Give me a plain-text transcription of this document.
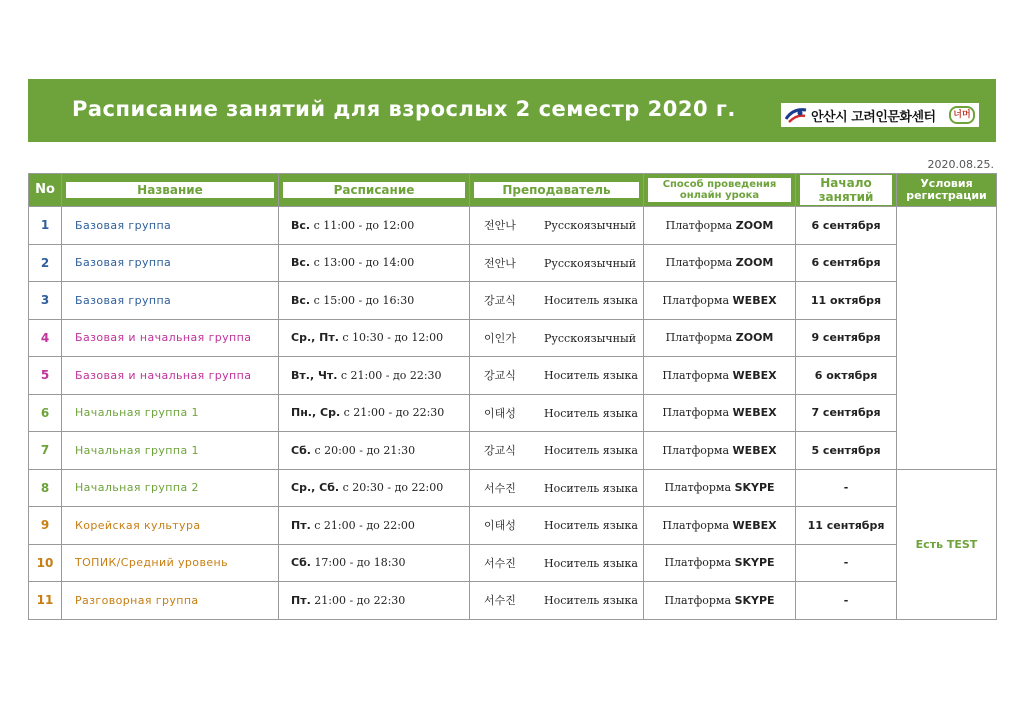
Расписание занятий для взрослых 2 семестр 2020 г.	안산시 고려인문화센터	너머
2020.08.25.
No	Название	Расписание	Преподаватель	Способ проведения онлайн урока	Начало занятий	Условия регистрации

1	Базовая группа	Вс. с 11:00 - до 12:00	전안나 Русскоязычный	Платформа ZOOM	6 сентября	
2	Базовая группа	Вс. с 13:00 - до 14:00	전안나 Русскоязычный	Платформа ZOOM	6 сентября	
3	Базовая группа	Вс. с 15:00 - до 16:30	강교식 Носитель языка	Платформа WEBEX	11 октября	
4	Базовая и начальная группа	Ср., Пт. с 10:30 - до 12:00	이인가 Русскоязычный	Платформа ZOOM	9 сентября	
5	Базовая и начальная группа	Вт., Чт. с 21:00 - до 22:30	강교식 Носитель языка	Платформа WEBEX	6 октября	
6	Начальная группа 1	Пн., Ср. с 21:00 - до 22:30	이태성 Носитель языка	Платформа WEBEX	7 сентября	
7	Начальная группа 1	Сб. с 20:00 - до 21:30	강교식 Носитель языка	Платформа WEBEX	5 сентября	
8	Начальная группа 2	Ср., Сб. с 20:30 - до 22:00	서수진 Носитель языка	Платформа SKYPE	-	Есть TEST
9	Корейская культура	Пт. с 21:00 - до 22:00	이태성 Носитель языка	Платформа WEBEX	11 сентября	
10	ТОПИК/Средний уровень	Сб. 17:00 - до 18:30	서수진 Носитель языка	Платформа SKYPE	-	
11	Разговорная группа	Пт. 21:00 - до 22:30	서수진 Носитель языка	Платформа SKYPE	-	
